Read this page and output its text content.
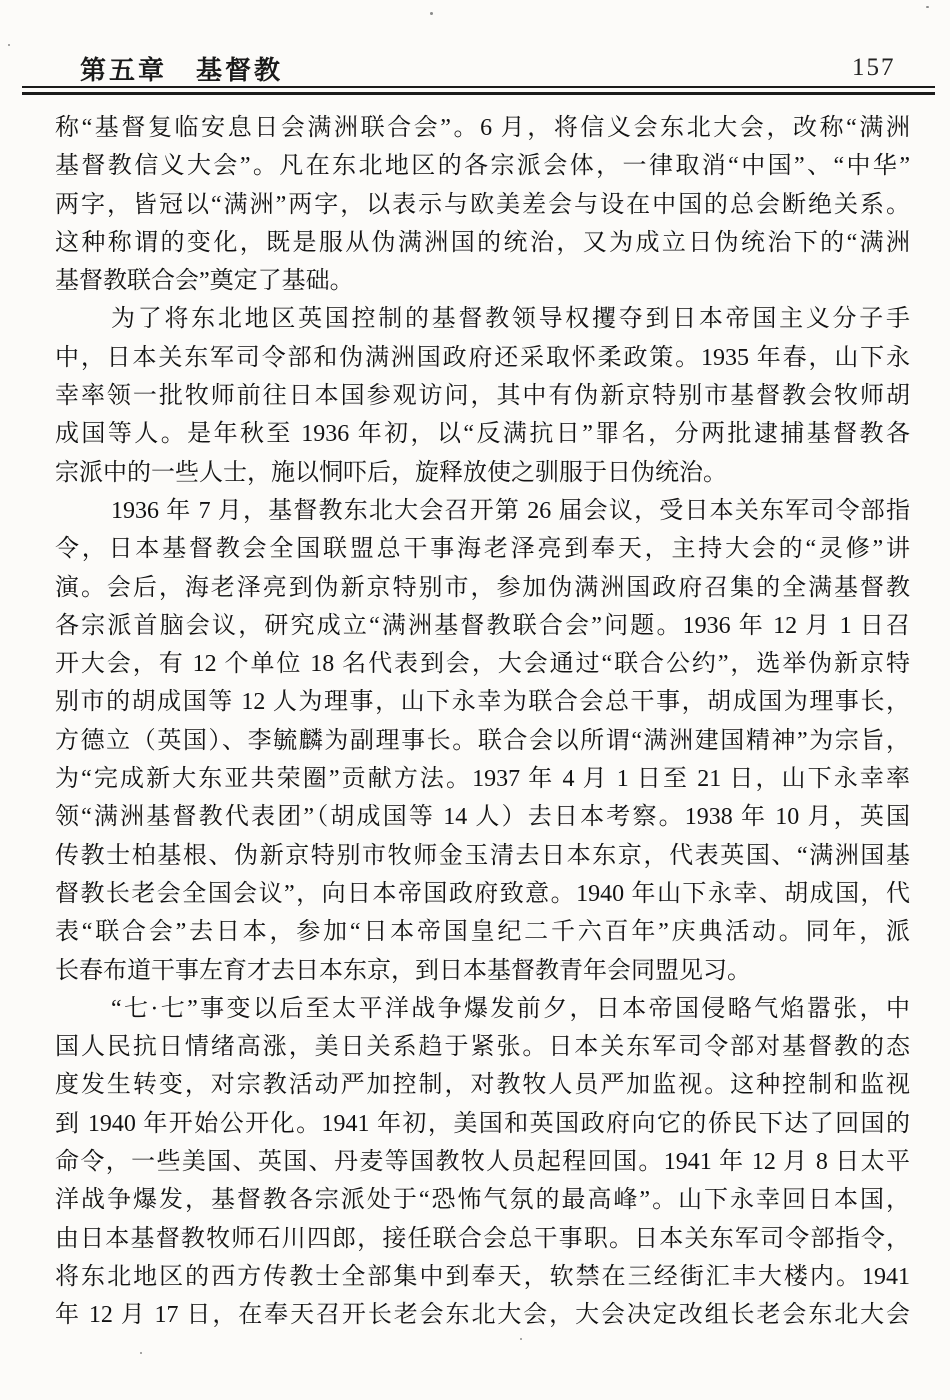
第五章　基督教	157
称“基督复临安息日会满洲联合会”。6 月，将信义会东北大会，改称“满洲
基督教信义大会”。凡在东北地区的各宗派会体，一律取消“中国”、“中华”
两字，皆冠以“满洲”两字，以表示与欧美差会与设在中国的总会断绝关系。
这种称谓的变化，既是服从伪满洲国的统治，又为成立日伪统治下的“满洲
基督教联合会”奠定了基础。
为了将东北地区英国控制的基督教领导权攫夺到日本帝国主义分子手
中，日本关东军司令部和伪满洲国政府还采取怀柔政策。1935 年春，山下永
幸率领一批牧师前往日本国参观访问，其中有伪新京特别市基督教会牧师胡
成国等人。是年秋至 1936 年初，以“反满抗日”罪名，分两批逮捕基督教各
宗派中的一些人士，施以恫吓后，旋释放使之驯服于日伪统治。
1936 年 7 月，基督教东北大会召开第 26 届会议，受日本关东军司令部指
令，日本基督教会全国联盟总干事海老泽亮到奉天，主持大会的“灵修”讲
演。会后，海老泽亮到伪新京特别市，参加伪满洲国政府召集的全满基督教
各宗派首脑会议，研究成立“满洲基督教联合会”问题。1936 年 12 月 1 日召
开大会，有 12 个单位 18 名代表到会，大会通过“联合公约”，选举伪新京特
别市的胡成国等 12 人为理事，山下永幸为联合会总干事，胡成国为理事长，
方德立（英国）、李毓麟为副理事长。联合会以所谓“满洲建国精神”为宗旨，
为“完成新大东亚共荣圈”贡献方法。1937 年 4 月 1 日至 21 日，山下永幸率
领“满洲基督教代表团”（胡成国等 14 人）去日本考察。1938 年 10 月，英国
传教士柏基根、伪新京特别市牧师金玉清去日本东京，代表英国、“满洲国基
督教长老会全国会议”，向日本帝国政府致意。1940 年山下永幸、胡成国，代
表“联合会”去日本，参加“日本帝国皇纪二千六百年”庆典活动。同年，派
长春布道干事左育才去日本东京，到日本基督教青年会同盟见习。
“七·七”事变以后至太平洋战争爆发前夕，日本帝国侵略气焰嚣张，中
国人民抗日情绪高涨，美日关系趋于紧张。日本关东军司令部对基督教的态
度发生转变，对宗教活动严加控制，对教牧人员严加监视。这种控制和监视
到 1940 年开始公开化。1941 年初，美国和英国政府向它的侨民下达了回国的
命令，一些美国、英国、丹麦等国教牧人员起程回国。1941 年 12 月 8 日太平
洋战争爆发，基督教各宗派处于“恐怖气氛的最高峰”。山下永幸回日本国，
由日本基督教牧师石川四郎，接任联合会总干事职。日本关东军司令部指令，
将东北地区的西方传教士全部集中到奉天，软禁在三经街汇丰大楼内。1941
年 12 月 17 日，在奉天召开长老会东北大会，大会决定改组长老会东北大会
